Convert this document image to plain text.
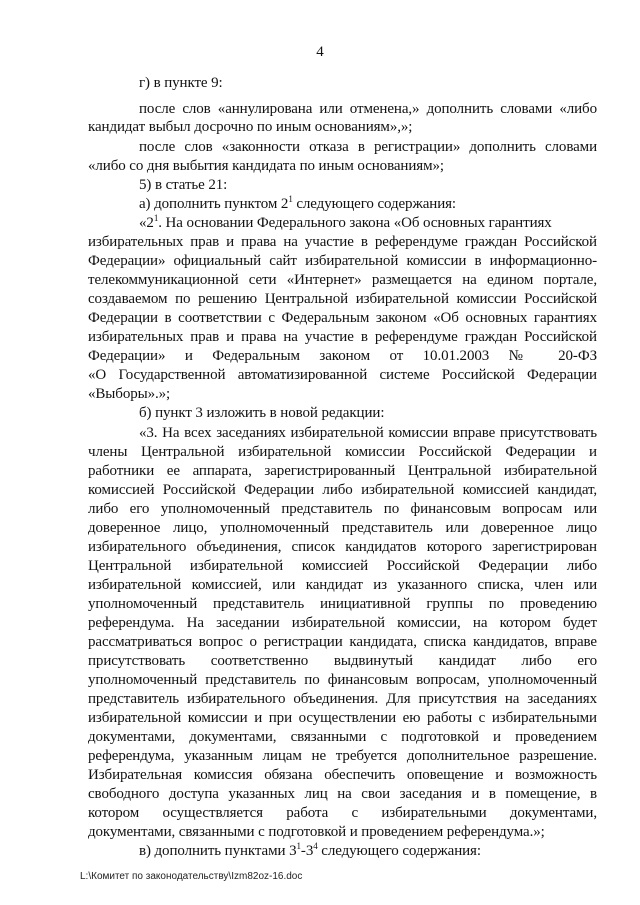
4
г) в пункте 9:
после слов «аннулирована или отменена,» дополнить словами «либо
кандидат выбыл досрочно по иным основаниям»,»;
после слов «законности отказа в регистрации» дополнить словами
«либо со дня выбытия кандидата по иным основаниям»;
5) в статье 21:
а) дополнить пунктом $2^1$ следующего содержания:
«$2^1$. На основании Федерального закона «Об основных гарантиях
избирательных прав и права на участие в референдуме граждан Российской
Федерации» официальный сайт избирательной комиссии в информационно-
телекоммуникационной сети «Интернет» размещается на едином портале,
создаваемом по решению Центральной избирательной комиссии Российской
Федерации в соответствии с Федеральным законом «Об основных гарантиях
избирательных прав и права на участие в референдуме граждан Российской
Федерации» и Федеральным законом от 10.01.2003 № 20-ФЗ
«О Государственной автоматизированной системе Российской Федерации
«Выборы».»;
б) пункт 3 изложить в новой редакции:
«3. На всех заседаниях избирательной комиссии вправе присутствовать
члены Центральной избирательной комиссии Российской Федерации и
работники ее аппарата, зарегистрированный Центральной избирательной
комиссией Российской Федерации либо избирательной комиссией кандидат,
либо его уполномоченный представитель по финансовым вопросам или
доверенное лицо, уполномоченный представитель или доверенное лицо
избирательного объединения, список кандидатов которого зарегистрирован
Центральной избирательной комиссией Российской Федерации либо
избирательной комиссией, или кандидат из указанного списка, член или
уполномоченный представитель инициативной группы по проведению
референдума. На заседании избирательной комиссии, на котором будет
рассматриваться вопрос о регистрации кандидата, списка кандидатов, вправе
присутствовать соответственно выдвинутый кандидат либо его
уполномоченный представитель по финансовым вопросам, уполномоченный
представитель избирательного объединения. Для присутствия на заседаниях
избирательной комиссии и при осуществлении ею работы с избирательными
документами, документами, связанными с подготовкой и проведением
референдума, указанным лицам не требуется дополнительное разрешение.
Избирательная комиссия обязана обеспечить оповещение и возможность
свободного доступа указанных лиц на свои заседания и в помещение, в
котором осуществляется работа с избирательными документами,
документами, связанными с подготовкой и проведением референдума.»;
в) дополнить пунктами $3^1-3^4$ следующего содержания:
L:\Комитет по законодательству\Izm82oz-16.doc
